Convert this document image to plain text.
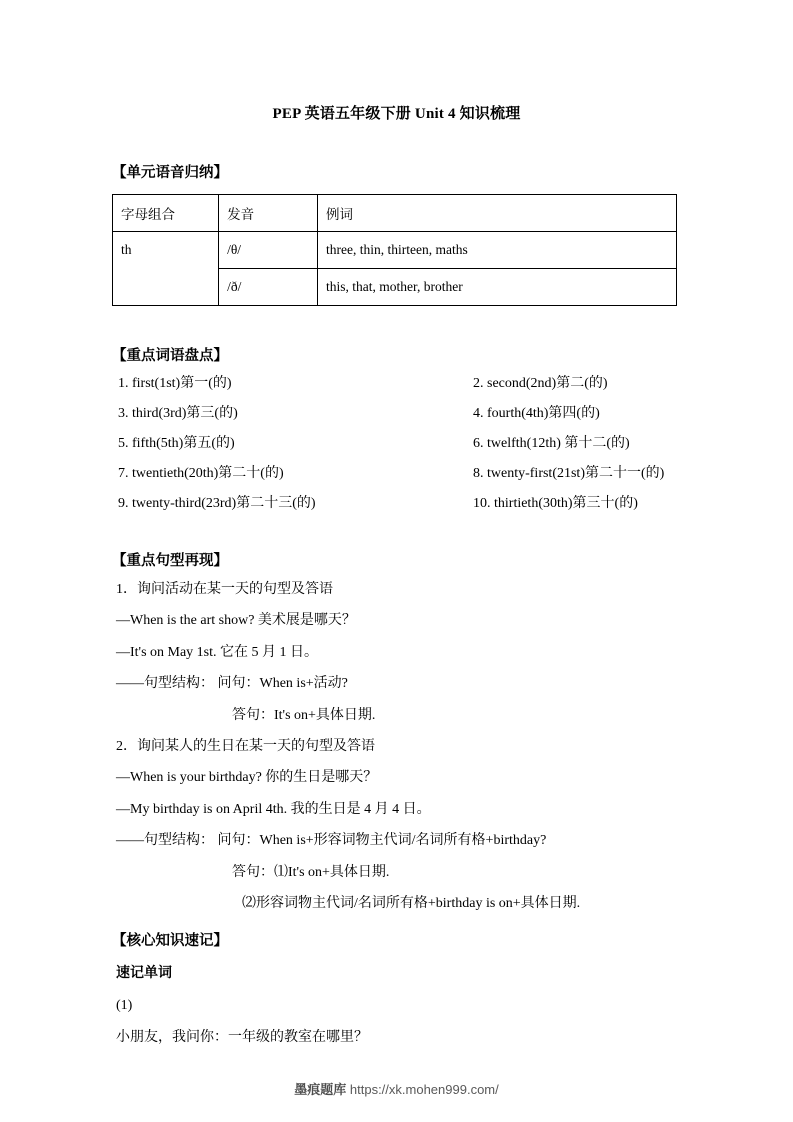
PEP 英语五年级下册 Unit 4 知识梳理
【单元语音归纳】
字母组合	发音	例词
th	/θ/	three, thin, thirteen, maths
	/ð/	this, that, mother, brother
【重点词语盘点】
1. first(1st)第一(的)	2. second(2nd)第二(的)
3. third(3rd)第三(的)	4. fourth(4th)第四(的)
5. fifth(5th)第五(的)	6. twelfth(12th) 第十二(的)
7. twentieth(20th)第二十(的)	8. twenty-first(21st)第二十一(的)
9. twenty-third(23rd)第二十三(的)	10. thirtieth(30th)第三十(的)
【重点句型再现】
1．询问活动在某一天的句型及答语
—When is the art show? 美术展是哪天？
—It's on May 1st. 它在 5 月 1 日。
——句型结构： 问句：When is+活动?
答句：It's on+具体日期.
2．询问某人的生日在某一天的句型及答语
—When is your birthday? 你的生日是哪天？
—My birthday is on April 4th. 我的生日是 4 月 4 日。
——句型结构： 问句：When is+形容词物主代词/名词所有格+birthday?
答句：⑴It's on+具体日期.
⑵形容词物主代词/名词所有格+birthday is on+具体日期.
【核心知识速记】
速记单词
(1)
小朋友，我问你：一年级的教室在哪里？
墨痕题库 https://xk.mohen999.com/
